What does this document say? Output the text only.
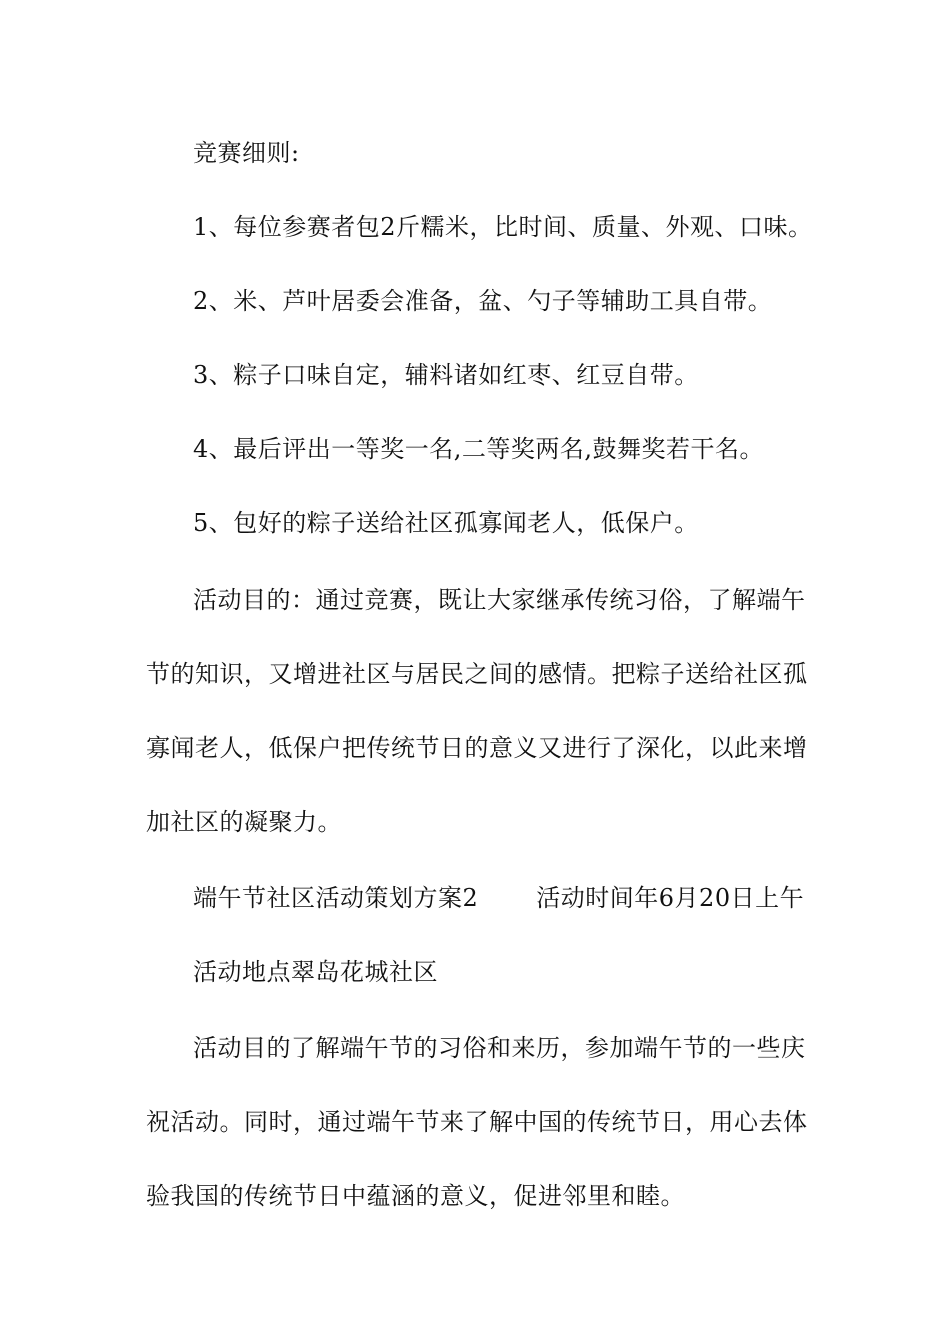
竞赛细则:
1、每位参赛者包2斤糯米，比时间、质量、外观、口味。
2、米、芦叶居委会准备，盆、勺子等辅助工具自带。
3、粽子口味自定，辅料诸如红枣、红豆自带。
4、最后评出一等奖一名,二等奖两名,鼓舞奖若干名。
5、包好的粽子送给社区孤寡闻老人，低保户。
活动目的：通过竞赛，既让大家继承传统习俗，了解端午
节的知识，又增进社区与居民之间的感情。把粽子送给社区孤
寡闻老人，低保户把传统节日的意义又进行了深化，以此来增
加社区的凝聚力。
端午节社区活动策划方案2 活动时间年6月20日上午
活动地点翠岛花城社区
活动目的了解端午节的习俗和来历，参加端午节的一些庆
祝活动。同时，通过端午节来了解中国的传统节日，用心去体
验我国的传统节日中蕴涵的意义，促进邻里和睦。
